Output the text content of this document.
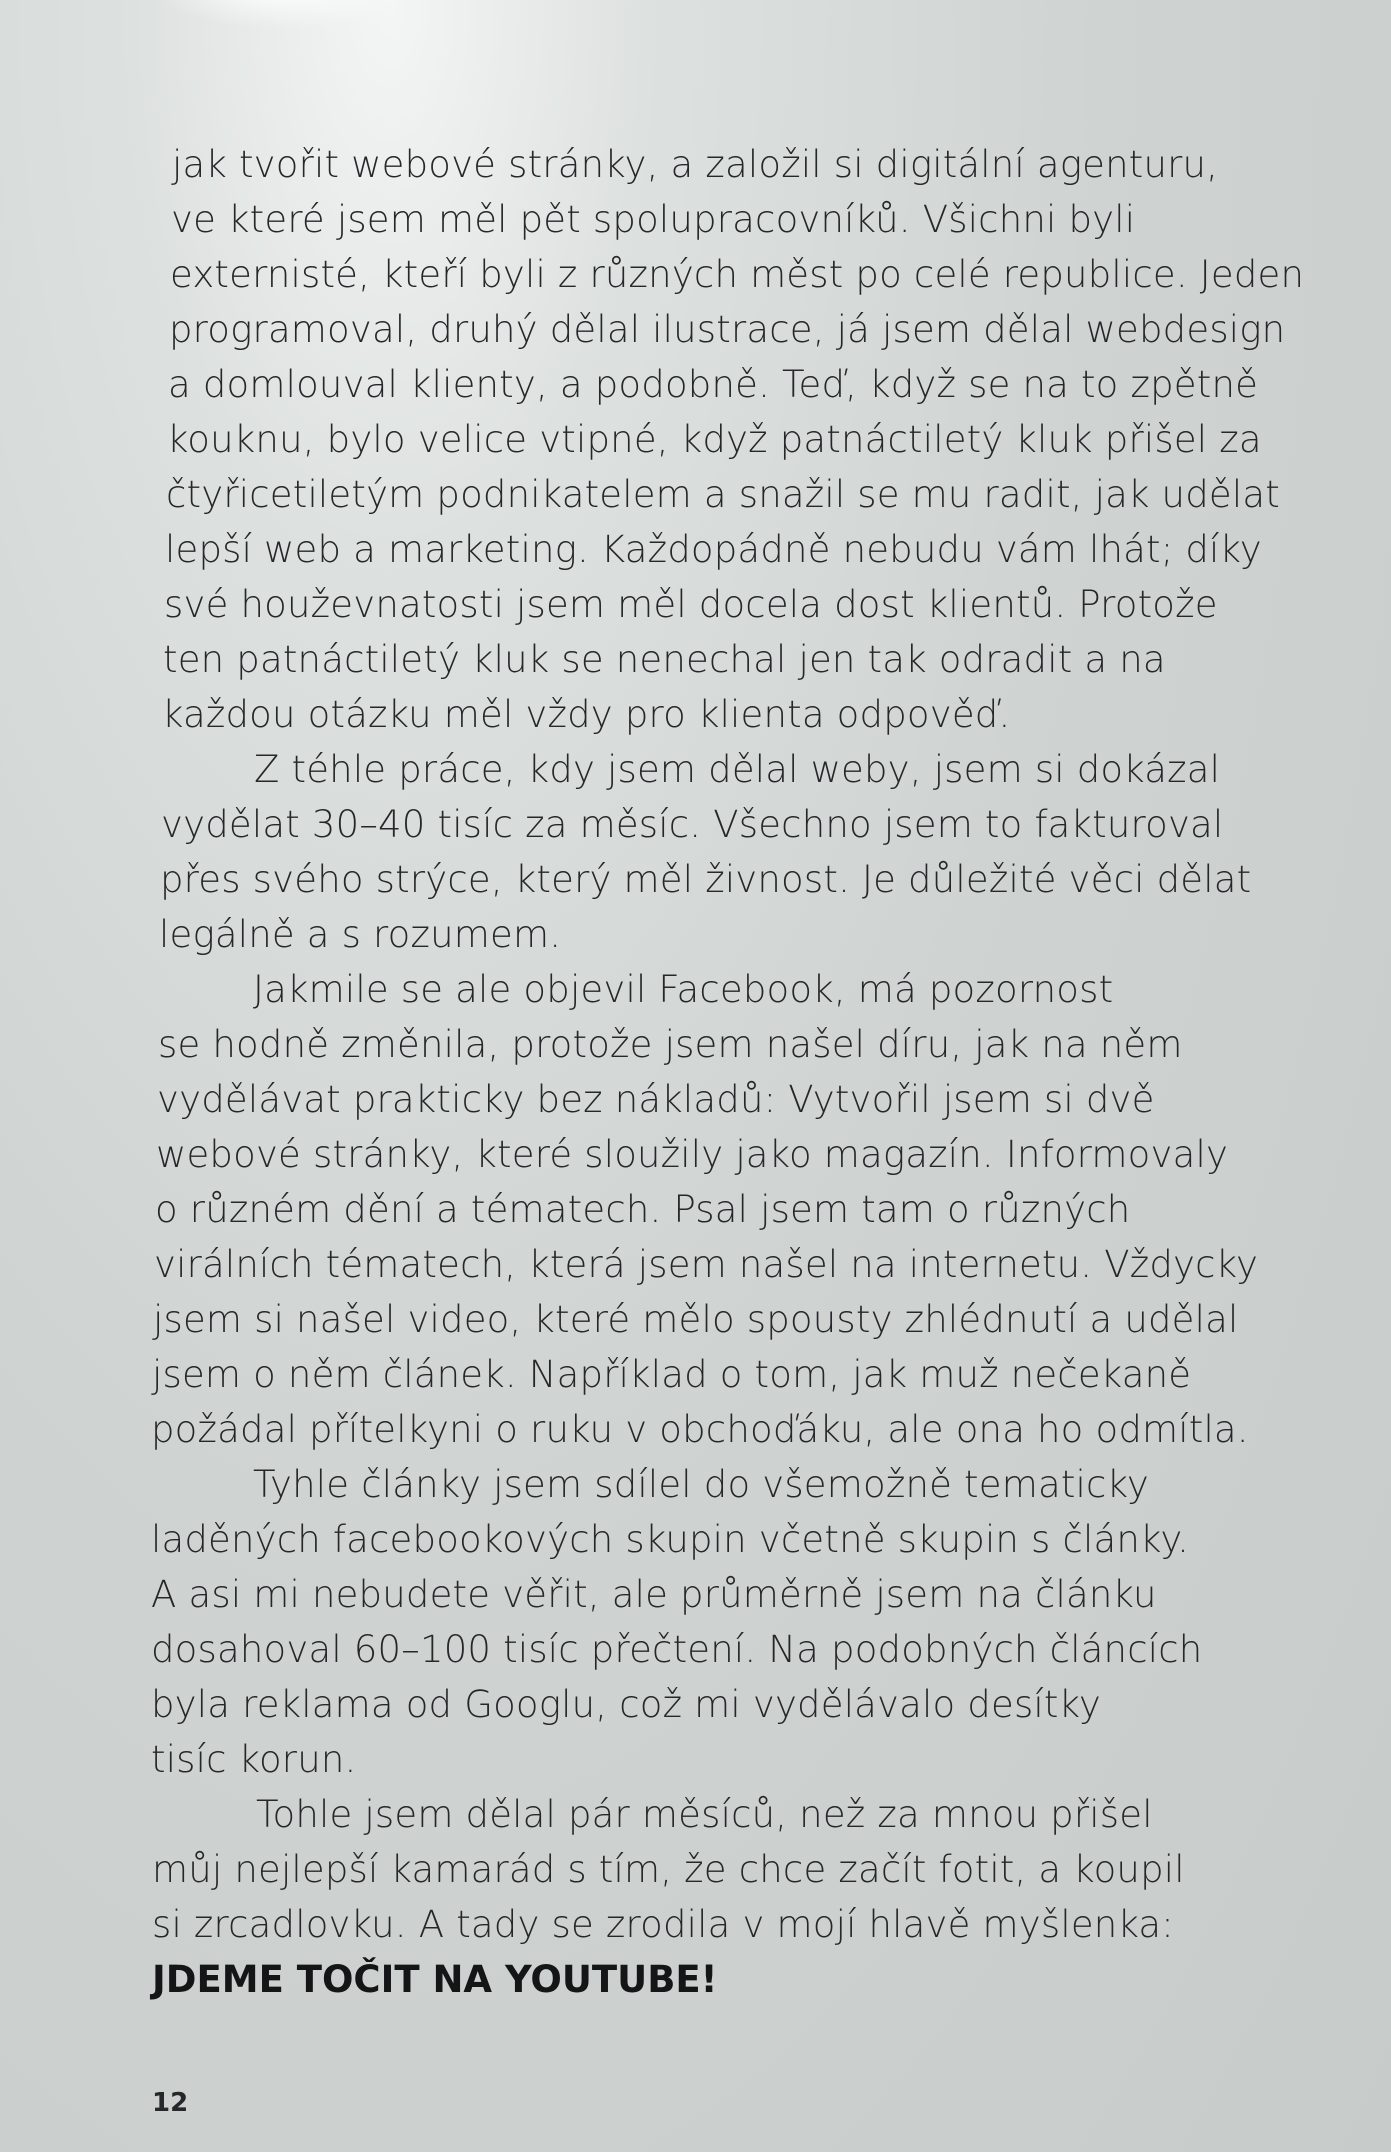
jak tvořit webové stránky, a založil si digitální agenturu,
ve které jsem měl pět spolupracovníků. Všichni byli
externisté, kteří byli z různých měst po celé republice. Jeden
programoval, druhý dělal ilustrace, já jsem dělal webdesign
a domlouval klienty, a podobně. Teď, když se na to zpětně
kouknu, bylo velice vtipné, když patnáctiletý kluk přišel za
čtyřicetiletým podnikatelem a snažil se mu radit, jak udělat
lepší web a marketing. Každopádně nebudu vám lhát; díky
své houževnatosti jsem měl docela dost klientů. Protože
ten patnáctiletý kluk se nenechal jen tak odradit a na
každou otázku měl vždy pro klienta odpověď.
Z téhle práce, kdy jsem dělal weby, jsem si dokázal
vydělat 30–40 tisíc za měsíc. Všechno jsem to fakturoval
přes svého strýce, který měl živnost. Je důležité věci dělat
legálně a s rozumem.
Jakmile se ale objevil Facebook, má pozornost
se hodně změnila, protože jsem našel díru, jak na něm
vydělávat prakticky bez nákladů: Vytvořil jsem si dvě
webové stránky, které sloužily jako magazín. Informovaly
o různém dění a tématech. Psal jsem tam o různých
virálních tématech, která jsem našel na internetu. Vždycky
jsem si našel video, které mělo spousty zhlédnutí a udělal
jsem o něm článek. Například o tom, jak muž nečekaně
požádal přítelkyni o ruku v obchoďáku, ale ona ho odmítla.
Tyhle články jsem sdílel do všemožně tematicky
laděných facebookových skupin včetně skupin s články.
A asi mi nebudete věřit, ale průměrně jsem na článku
dosahoval 60–100 tisíc přečtení. Na podobných článcích
byla reklama od Googlu, což mi vydělávalo desítky
tisíc korun.
Tohle jsem dělal pár měsíců, než za mnou přišel
můj nejlepší kamarád s tím, že chce začít fotit, a koupil
si zrcadlovku. A tady se zrodila v mojí hlavě myšlenka:
JDEME TOČIT NA YOUTUBE!
12
